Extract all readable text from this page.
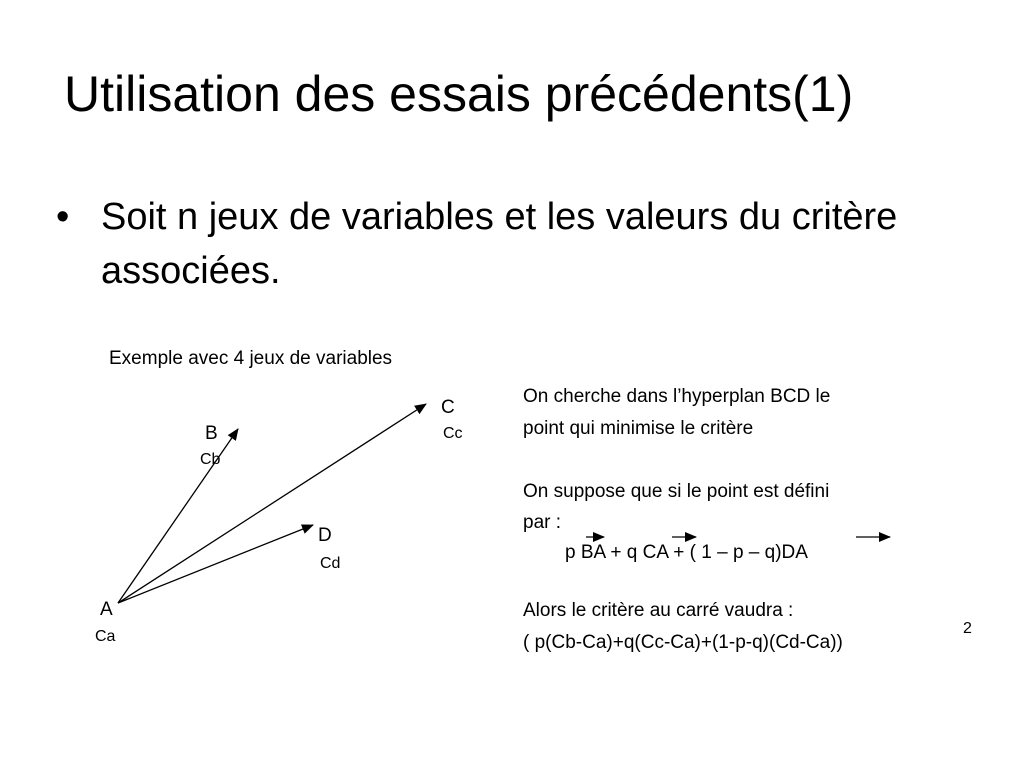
Utilisation des essais précédents(1)
• Soit n jeux de variables et les valeurs du critère associées.
Exemple avec 4 jeux de variables
B
Cb
C
Cc
D
Cd
A
Ca
On cherche dans l’hyperplan BCD le
point qui minimise le critère
On suppose que si le point est défini
par :
p BA + q CA + ( 1 – p – q)DA
Alors le critère au carré vaudra :
( p(Cb-Ca)+q(Cc-Ca)+(1-p-q)(Cd-Ca))
2
